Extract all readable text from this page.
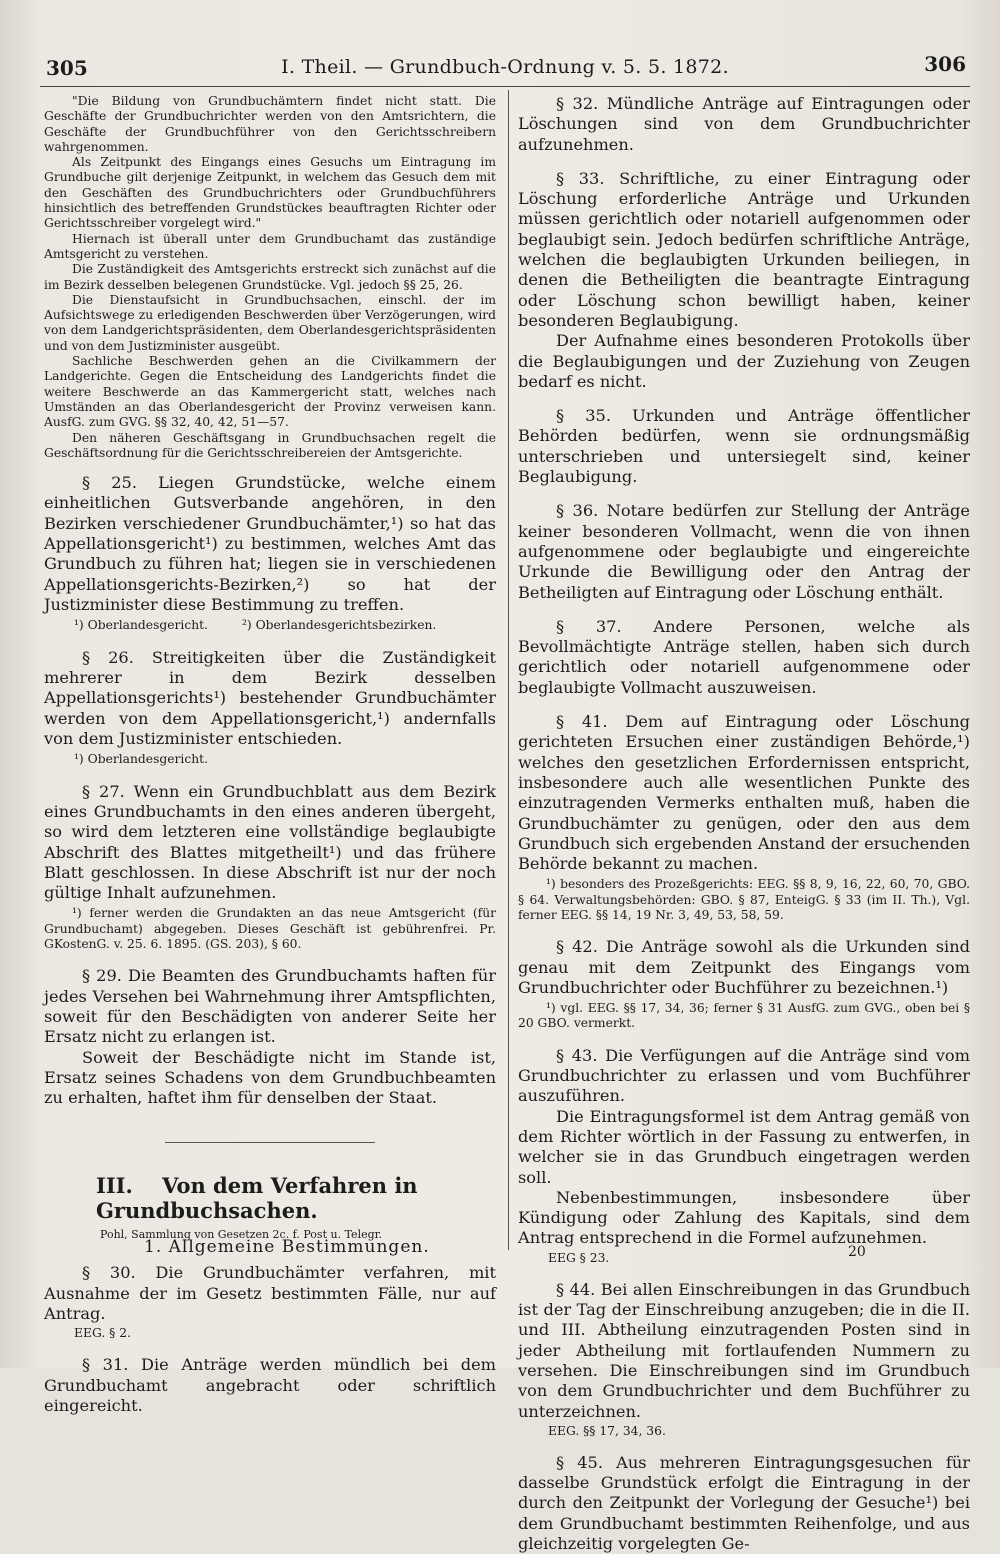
305	I. Theil. — Grundbuch-Ordnung v. 5. 5. 1872.	306

"Die Bildung von Grundbuchämtern findet nicht statt. Die Geschäfte der Grundbuchrichter werden von den Amtsrichtern, die Geschäfte der Grundbuchführer von den Gerichtsschreibern wahrgenommen.

Als Zeitpunkt des Eingangs eines Gesuchs um Eintragung im Grundbuche gilt derjenige Zeitpunkt, in welchem das Gesuch dem mit den Geschäften des Grundbuchrichters oder Grundbuchführers hinsichtlich des betreffenden Grundstückes beauftragten Richter oder Gerichtsschreiber vorgelegt wird."

Hiernach ist überall unter dem Grundbuchamt das zuständige Amtsgericht zu verstehen.

Die Zuständigkeit des Amtsgerichts erstreckt sich zunächst auf die im Bezirk desselben belegenen Grundstücke. Vgl. jedoch §§ 25, 26.

Die Dienstaufsicht in Grundbuchsachen, einschl. der im Aufsichtswege zu erledigenden Beschwerden über Verzögerungen, wird von dem Landgerichtspräsidenten, dem Oberlandesgerichtspräsidenten und von dem Justizminister ausgeübt.

Sachliche Beschwerden gehen an die Civilkammern der Landgerichte. Gegen die Entscheidung des Landgerichts findet die weitere Beschwerde an das Kammergericht statt, welches nach Umständen an das Oberlandesgericht der Provinz verweisen kann. AusfG. zum GVG. §§ 32, 40, 42, 51—57.

Den näheren Geschäftsgang in Grundbuchsachen regelt die Geschäftsordnung für die Gerichtsschreibereien der Amtsgerichte.

§ 25. Liegen Grundstücke, welche einem einheitlichen Gutsverbande angehören, in den Bezirken verschiedener Grundbuchämter,¹) so hat das Appellationsgericht¹) zu bestimmen, welches Amt das Grundbuch zu führen hat; liegen sie in verschiedenen Appellationsgerichts-Bezirken,²) so hat der Justizminister diese Bestimmung zu treffen.

¹) Oberlandesgericht.	²) Oberlandesgerichtsbezirken.

§ 26. Streitigkeiten über die Zuständigkeit mehrerer in dem Bezirk desselben Appellationsgerichts¹) bestehender Grundbuchämter werden von dem Appellationsgericht,¹) andernfalls von dem Justizminister entschieden.

¹) Oberlandesgericht.

§ 27. Wenn ein Grundbuchblatt aus dem Bezirk eines Grundbuchamts in den eines anderen übergeht, so wird dem letzteren eine vollständige beglaubigte Abschrift des Blattes mitgetheilt¹) und das frühere Blatt geschlossen. In diese Abschrift ist nur der noch gültige Inhalt aufzunehmen.

¹) ferner werden die Grundakten an das neue Amtsgericht (für Grundbuchamt) abgegeben. Dieses Geschäft ist gebührenfrei. Pr. GKostenG. v. 25. 6. 1895. (GS. 203), § 60.

§ 29. Die Beamten des Grundbuchamts haften für jedes Versehen bei Wahrnehmung ihrer Amtspflichten, soweit für den Beschädigten von anderer Seite her Ersatz nicht zu erlangen ist.

Soweit der Beschädigte nicht im Stande ist, Ersatz seines Schadens von dem Grundbuchbeamten zu erhalten, haftet ihm für denselben der Staat.

III. Von dem Verfahren in Grundbuchsachen.
1. Allgemeine Bestimmungen.

§ 30. Die Grundbuchämter verfahren, mit Ausnahme der im Gesetz bestimmten Fälle, nur auf Antrag.

EEG. § 2.

§ 31. Die Anträge werden mündlich bei dem Grundbuchamt angebracht oder schriftlich eingereicht.

Pohl, Sammlung von Gesetzen 2c. f. Post u. Telegr.

§ 32. Mündliche Anträge auf Eintragungen oder Löschungen sind von dem Grundbuchrichter aufzunehmen.

§ 33. Schriftliche, zu einer Eintragung oder Löschung erforderliche Anträge und Urkunden müssen gerichtlich oder notariell aufgenommen oder beglaubigt sein. Jedoch bedürfen schriftliche Anträge, welchen die beglaubigten Urkunden beiliegen, in denen die Betheiligten die beantragte Eintragung oder Löschung schon bewilligt haben, keiner besonderen Beglaubigung.

Der Aufnahme eines besonderen Protokolls über die Beglaubigungen und der Zuziehung von Zeugen bedarf es nicht.

§ 35. Urkunden und Anträge öffentlicher Behörden bedürfen, wenn sie ordnungsmäßig unterschrieben und untersiegelt sind, keiner Beglaubigung.

§ 36. Notare bedürfen zur Stellung der Anträge keiner besonderen Vollmacht, wenn die von ihnen aufgenommene oder beglaubigte und eingereichte Urkunde die Bewilligung oder den Antrag der Betheiligten auf Eintragung oder Löschung enthält.

§ 37. Andere Personen, welche als Bevollmächtigte Anträge stellen, haben sich durch gerichtlich oder notariell aufgenommene oder beglaubigte Vollmacht auszuweisen.

§ 41. Dem auf Eintragung oder Löschung gerichteten Ersuchen einer zuständigen Behörde,¹) welches den gesetzlichen Erfordernissen entspricht, insbesondere auch alle wesentlichen Punkte des einzutragenden Vermerks enthalten muß, haben die Grundbuchämter zu genügen, oder den aus dem Grundbuch sich ergebenden Anstand der ersuchenden Behörde bekannt zu machen.

¹) besonders des Prozeßgerichts: EEG. §§ 8, 9, 16, 22, 60, 70, GBO. § 64. Verwaltungsbehörden: GBO. § 87, EnteigG. § 33 (im II. Th.), Vgl. ferner EEG. §§ 14, 19 Nr. 3, 49, 53, 58, 59.

§ 42. Die Anträge sowohl als die Urkunden sind genau mit dem Zeitpunkt des Eingangs vom Grundbuchrichter oder Buchführer zu bezeichnen.¹)

¹) vgl. EEG. §§ 17, 34, 36; ferner § 31 AusfG. zum GVG., oben bei § 20 GBO. vermerkt.

§ 43. Die Verfügungen auf die Anträge sind vom Grundbuchrichter zu erlassen und vom Buchführer auszuführen.

Die Eintragungsformel ist dem Antrag gemäß von dem Richter wörtlich in der Fassung zu entwerfen, in welcher sie in das Grundbuch eingetragen werden soll.

Nebenbestimmungen, insbesondere über Kündigung oder Zahlung des Kapitals, sind dem Antrag entsprechend in die Formel aufzunehmen.

EEG § 23.

§ 44. Bei allen Einschreibungen in das Grundbuch ist der Tag der Einschreibung anzugeben; die in die II. und III. Abtheilung einzutragenden Posten sind in jeder Abtheilung mit fortlaufenden Nummern zu versehen. Die Einschreibungen sind im Grundbuch von dem Grundbuchrichter und dem Buchführer zu unterzeichnen.

EEG. §§ 17, 34, 36.

§ 45. Aus mehreren Eintragungsgesuchen für dasselbe Grundstück erfolgt die Eintragung in der durch den Zeitpunkt der Vorlegung der Gesuche¹) bei dem Grundbuchamt bestimmten Reihenfolge, und aus gleichzeitig vorgelegten Ge-

20
